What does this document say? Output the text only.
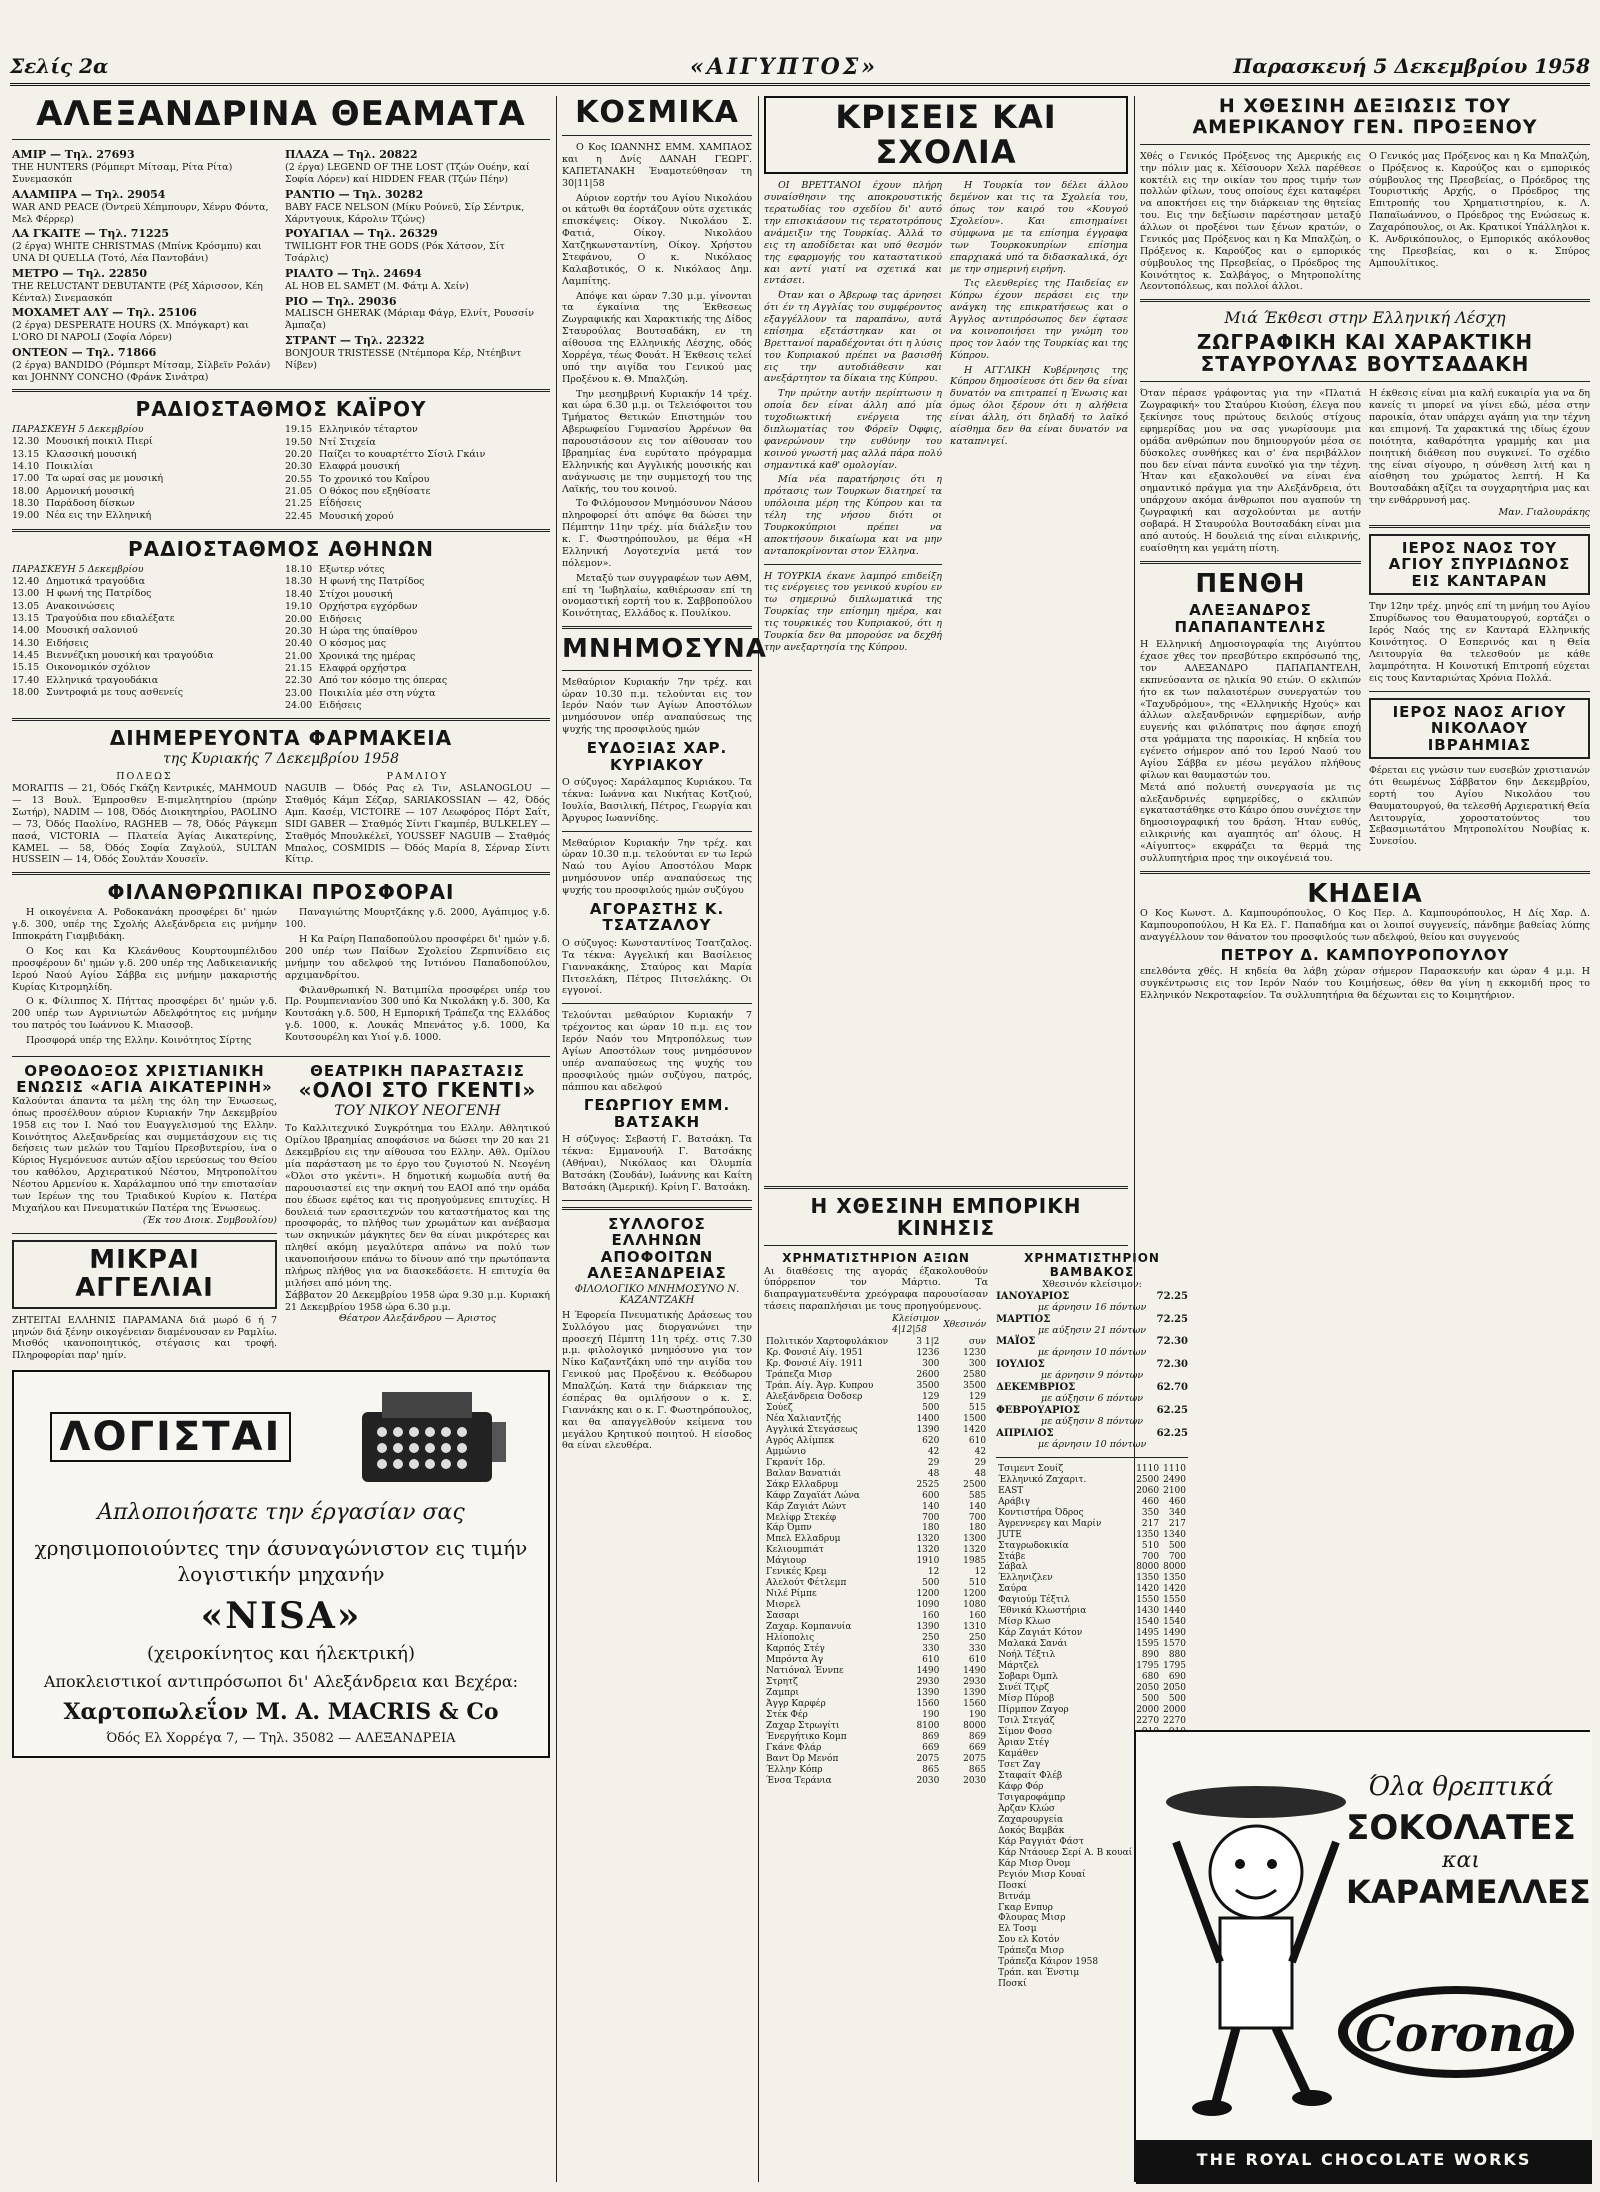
Σελίς 2α	«ΑΙΓΥΠΤΟΣ»	Παρασκευή 5 Δεκεμβρίου 1958
ΑΛΕΞΑΝΔΡΙΝΑ ΘΕΑΜΑΤΑ
ΑΜΙΡ — Τηλ. 27693
THE HUNTERS (Ρόμπερτ Μίτσαμ, Ρίτα Ρίτα) Συνεμασκόπ
ΑΛΑΜΠΡΑ — Τηλ. 29054
WAR AND PEACE (Όντρεϋ Χέπμπουρν, Χένρυ Φόντα, Μελ Φέρρερ)
ΛΑ ΓΚΑΙΤΕ — Τηλ. 71225
(2 έργα) WHITE CHRISTMAS (Μπίνκ Κρόσμπυ) και UNA DI QUELLA (Τοτό, Λέα Παντοβάνι)
ΜΕΤΡΟ — Τηλ. 22850
THE RELUCTANT DEBUTANTE (Ρέξ Χάρισσον, Κέη Κένταλ) Σινεμασκόπ
ΜΟΧΑΜΕΤ ΑΛΥ — Τηλ. 25106
(2 έργα) DESPERATE HOURS (Χ. Μπόγκαρτ) και L'ORO DI NAPOLI (Σοφία Λόρεν)
ΟΝΤΕΟΝ — Τηλ. 71866
(2 έργα) BANDIDO (Ρόμπερτ Μίτσαμ, Σίλβεϊν Ρολάν) και JOHNNY CONCHO (Φράνκ Σινάτρα)
ΠΛΑΖΑ — Τηλ. 20822
(2 έργα) LEGEND OF THE LOST (Τζών Ουέην, καί Σοφία Λόρεν) καί HIDDEN FEAR (Τζών Πέην)
ΡΑΝΤΙΟ — Τηλ. 30282
BABY FACE NELSON (Μίκυ Ρούνεϋ, Σίρ Σέντρικ, Χάρντγουικ, Κάρολιν Τζώνς)
ΡΟΥΑΓΙΑΛ — Τηλ. 26329
TWILIGHT FOR THE GODS (Ρόκ Χάτσον, Σίτ Τσάρλις)
ΡΙΑΛΤΟ — Τηλ. 24694
AL HOB EL SAMET (Μ. Φάτμ Α. Χείν)
ΡΙΟ — Τηλ. 29036
MALISCH GHERAK (Μάριαμ Φάγρ, Ελνίτ, Ρουσσίν Άμπαζα)
ΣΤΡΑΝΤ — Τηλ. 22322
BONJOUR TRISTESSE (Ντέμπορα Κέρ, Ντέηβιντ Νίβεν)
ΡΑΔΙΟΣΤΑΘΜΟΣ ΚΑΪΡΟΥ
ΠΑΡΑΣΚΕΥΗ 5 Δεκεμβρίου
12.30 Μουσική ποικιλ Πιερί
13.15 Κλασσική μουσική
14.10 Ποικιλίαι
17.00 Τα ωραί σας με μουσική
18.00 Αρμονική μουσική
18.30 Παράδοση δίσκων
19.00 Νέα εις την Ελληνική
19.15 Ελληνικόν τέταρτον
19.50 Ντί Στιχεία
20.20 Παίζει το κουαρτέττο Σίσιλ Γκάιν
20.30 Ελαφρά μουσική
20.55 Το χρονικό του Καΐρου
21.05 Ο θόκος που εξηθίσατε
21.25 Εΐδήσεις
22.45 Μουσική χορού
ΡΑΔΙΟΣΤΑΘΜΟΣ ΑΘΗΝΩΝ
ΠΑΡΑΣΚΕΥΗ 5 Δεκεμβρίου
12.40 Δημοτικά τραγούδια
13.00 Η φωνή της Πατρίδος
13.05 Ανακοινώσεις
13.15 Τραγούδια που εδιαλέξατε
14.00 Μουσική σαλονιού
14.30 Ειδήσεις
14.45 Βιεννέζικη μουσική και τραγούδια
15.15 Οικονομικόν σχόλιον
17.40 Ελληνικά τραγουδάκια
18.00 Συντροφιά με τους ασθενείς
18.10 Εξωτερ νότες
18.30 Η φωνή της Πατρίδος
18.40 Στίχοι μουσική
19.10 Ορχήστρα εγχόρδων
20.00 Ειδήσεις
20.30 Η ώρα της ύπαίθρου
20.40 Ο κόσμος μας
21.00 Χρονικά της ημέρας
21.15 Ελαφρά ορχήστρα
22.30 Από τον κόσμο της όπερας
23.00 Ποικιλία μέσ στη νύχτα
24.00 Ειδήσεις
ΔΙΗΜΕΡΕΥΟΝΤΑ ΦΑΡΜΑΚΕΙΑ
της Κυριακής 7 Δεκεμβρίου 1958
ΠΟΛΕΩΣ
MORAITIS — 21, Όδός Γκάζη Κεντρικές, MAHMOUD — 13 Βουλ. Έμπροσθεν Ε-πιμελητηρίου (πρώην Σωτήρ), NADIM — 108, Όδός Διοικητηρίου, PAOLINO — 73, Όδός Παολίνο, RAGHEB — 78, Όδός Ράγκεμπ πασά, VICTORIA — Πλατεία Άγίας Αικατερίνης, KAMEL — 58, Όδός Σοφία Ζαγλούλ, SULTAN HUSSEIN — 14, Όδός Σουλτάν Χουσεΐν.
ΡΑΜΛΙΟΥ
NAGUIB — Όδός Ρας ελ Τιν, ASLANOGLOU — Σταθμός Κάμπ Σέζαρ, SARIAKOSSIAN — 42, Όδός Αμπ. Κασέμ, VICTOIRE — 107 Λεωφόρος Πόρτ Σαΐτ, SIDI GABER — Σταθμός Σίντι Γκαμπέρ, BULKELEY — Σταθμός Μπουλκέλεϊ, YOUSSEF NAGUIB — Σταθμός Μπαλος, COSMIDIS — Όδός Μαρία 8, Σέρναρ Σίντι Κίτιρ.
ΦΙΛΑΝΘΡΩΠΙΚΑΙ ΠΡΟΣΦΟΡΑΙ

Η οικογένεια Α. Ροδοκανάκη προσφέρει δι' ημών γ.δ. 300, υπέρ της Σχολής Αλεξάνδρεια εις μνήμην Ιπποκράτη Γιαμβιδάκη.

Ο Κος και Κα Κλεάνθους Κουρτουμπέλιδου προσφέρουν δι' ημών γ.δ. 200 υπέρ της Λαδικειανικής Ιερού Ναού Αγίου Σάββα εις μνήμην μακαριστής Κυρίας Κιτρομηλίδη.

Ο κ. Φίλιππος Χ. Πήττας προσφέρει δι' ημών γ.δ. 200 υπέρ των Αγρινιωτών Αδελφότητος εις μνήμην του πατρός του Ιωάννου Κ. Μιασσοβ.

Προσφορά υπέρ της Ελλην. Κοινότητος Σίρτης

Παναγιώτης Μουρτζάκης γ.δ. 2000, Αγάπιμος γ.δ. 100.

Η Κα Ραίρη Παπαδοπούλου προσφέρει δι' ημών γ.δ. 200 υπέρ των Παίδων Σχολείου Ζερπινίδειο εις μνήμην του αδελφού της Ιντιόνου Παπαδοπούλου, αρχιμανδρίτου.

Φιλανθρωπική Ν. Βατιμπίλα προσφέρει υπέρ του Πρ. Ρουμπενιανίου 300 υπό Κα Νικολάκη γ.δ. 300, Κα Κουτσάκη γ.δ. 500, Η Εμπορική Τράπεζα της Ελλάδος γ.δ. 1000, κ. Λουκάς Μπενάτος γ.δ. 1000, Κα Κουτσουρέλη και Υιοί γ.δ. 1000.

ΟΡΘΟΔΟΞΟΣ ΧΡΙΣΤΙΑΝΙΚΗ ΕΝΩΣΙΣ «ΑΓΙΑ ΑΙΚΑΤΕΡΙΝΗ»
Καλούνται άπαντα τα μέλη της όλη την Ένωσεως, όπως προσέλθουν αύριον Κυριακήν 7ην Δεκεμβρίου 1958 εις τον Ι. Ναό του Ευαγγελισμού της Ελλην. Κοινότητος Αλεξανδρείας και συμμετάσχουν εις τις δεήσεις των μελών του Ταμίου Πρεσβυτερίου, ίνα ο Κύριος Ηγεμόνευσε αυτών αξίου ιερεύσεως του Θείου του καθόλου, Αρχιερατικού Νέστου, Μητροπολίτου Νέστου Αρμενίου κ. Χαράλαμπου υπό την επιστασίαν των Ιερέων της του Τριαδικού Κυρίου κ. Πατέρα Μιχαήλου και Πνευματικών Πατέρα της Ένωσεως.
(Έκ του Διοικ. Συμβουλίου)
ΜΙΚΡΑΙ ΑΓΓΕΛΙΑΙ
ΖΗΤΕΙΤΑΙ ΕΛΛΗΝΙΣ ΠΑΡΑΜΑΝΑ διά μωρό 6 ή 7 μηνών διά ξένην οικογένειαν διαμένουσαν εν Ραμλίω. Μισθός ικανοποιητικός, στέγασις και τροφή. Πληροφορίαι παρ' ημίν.
ΘΕΑΤΡΙΚΗ ΠΑΡΑΣΤΑΣΙΣ
«ΟΛΟΙ ΣΤΟ ΓΚΕΝΤΙ»
ΤΟΥ ΝΙΚΟΥ ΝΕΟΓΕΝΗ
Το Καλλιτεχνικό Συγκρότημα του Ελλην. Αθλητικού Ομίλου Ιβραημίας αποφάσισε να δώσει την 20 και 21 Δεκεμβρίου εις την αίθουσα του Ελλην. Αθλ. Ομίλου μία παράσταση με το έργο του ζυγιστού Ν. Νεογένη «Όλοι στο γκέντι». Η δημοτική κωμωδία αυτή θα παρουσιαστεί εις την σκηνή του ΕΑΟΙ από την ομάδα που έδωσε εφέτος και τις προηγούμενες επιτυχίες. Η δουλειά των ερασιτεχνών του καταστήματος και της προσφοράς, το πλήθος των χρωμάτων και ανέβασμα των σκηνικών μάγκητες δεν θα είναι μικρότερες και πληθεί ακόμη μεγαλύτερα απάνω να πολύ των ικανοποιήσουν επάνω το δίνουν από την πρωτόπαντα πλήρως πλήθος για να διασκεδάσετε. Η επιτυχία θα μιλήσει από μόνη της.
Σάββατον 20 Δεκεμβρίου 1958 ώρα 9.30 μ.μ. Κυριακή 21 Δεκεμβρίου 1958 ώρα 6.30 μ.μ.
Θέατρον Αλεξάνδρου — Άριστος
ΛΟΓΙΣΤΑΙ
Απλοποιήσατε την έργασίαν σας
χρησιμοποιούντες την άσυναγώνιστον εις τιμήν λογιστικήν μηχανήν
«NISA»
(χειροκίνητος και ήλεκτρική)
Αποκλειστικοί αντιπρόσωποι δι' Αλεξάνδρεια και Βεχέρα:
Χαρτοπωλεΐον Μ. Α. MACRIS & Co
Όδός Ελ Χορρέγα 7, — Τηλ. 35082 — ΑΛΕΞΑΝΔΡΕΙΑ
ΚΟΣΜΙΚΑ

Ο Κος ΙΩΑΝΝΗΣ ΕΜΜ. ΧΑΜΠΑΟΣ και η Δνίς ΔΑΝΑΗ ΓΕΩΡΓ. ΚΑΠΕΤΑΝΑΚΗ Έναμοτεύθησαν τη 30|11|58

Αύριον εορτήν του Αγίου Νικολάου οι κάτωθι θα έορτάζουν ούτε σχετικάς επισκέψεις: Οίκογ. Νικολάου Σ. Φατιά, Οίκογ. Νικολάου Χατζηκωνσταντίνη, Οίκογ. Χρήστου Στεφάνου, Ο κ. Νικόλαος Καλαβοτικός, Ο κ. Νικόλαος Δημ. Λαμπίτης.

Απόψε και ώραν 7.30 μ.μ. γίνονται τα έγκαίνια της Έκθεσεως Ζωγραφικής και Χαρακτικής της Δίδος Σταυρούλας Βουτσαδάκη, εν τη αίθουσα της Ελληνικής Λέσχης, οδός Χορρέγα, τέως Φουάτ. Η Έκθεσις τελεί υπό την αιγίδα του Γενικού μας Προξένου κ. Θ. Μπαλζώη.

Την μεσημβρινή Κυριακήν 14 τρέχ. και ώρα 6.30 μ.μ. οι Τελειόφοιτοι του Τμήματος Θετικών Επιστημών του Αβερωφείου Γυμνασίου Άρρένων θα παρουσιάσουν εις τον αίθουσαν του Ιβραημίας ένα ευρύτατο πρόγραμμα Ελληνικής και Αγγλικής μουσικής και ανάγνωσις με την συμμετοχή του της Λαϊκής, του του κοινού.

Το Φιλόμουσον Μνημόσυνον Νάσου πληροφορεί ότι απόψε θα δώσει την Πέμπτην 11ην τρέχ. μία διάλεξιν του κ. Γ. Φωστηρόπουλου, με θέμα «Η Ελληνική Λογοτεχνία μετά τον πόλεμον».

Μεταξύ των συγγραφέων των ΑΘΜ, επί τη 'Ιωβηλαίω, καθιέρωσαν επί τη ονομαστική εορτή του κ. Σαββοπούλου Κοινότητας, Ελλάδος κ. Πουλίκου.

ΜΝΗΜΟΣΥΝΑ
Μεθαύριον Κυριακήν 7ην τρέχ. και ώραν 10.30 π.μ. τελούνται εις τον Ιερόν Ναόν των Αγίων Αποστόλων μνημόσυνον υπέρ αναπαύσεως της ψυχής της προσφιλούς ημών
ΕΥΔΟΞΙΑΣ ΧΑΡ. ΚΥΡΙΑΚΟΥ
Ο σύζυγος: Χαράλαμπος Κυριάκου. Τα τέκνα: Ιωάννα και Νικήτας Κοτζιού, Ιουλία, Βασιλική, Πέτρος, Γεωργία και Άργυρος Ιωαννίδης.
Μεθαύριον Κυριακήν 7ην τρέχ. και ώραν 10.30 π.μ. τελούνται εν τω Ιερώ Ναώ του Αγίου Αποστόλου Μαρκ μνημόσυνον υπέρ αναπαύσεως της ψυχής του προσφιλούς ημών συζύγου
ΑΓΟΡΑΣΤΗΣ Κ. ΤΣΑΤΖΑΛΟΥ
Ο σύζυγος: Κωνσταντίνος Τσατζαλος. Τα τέκνα: Αγγελική και Βασίλειος Γιαννακάκης, Σταύρος και Μαρία Πιτσελάκη, Πέτρος Πιτσελάκης. Οι εγγονοί.
Τελούνται μεθαύριον Κυριακήν 7 τρέχοντος και ώραν 10 π.μ. εις τον Ιερόν Ναόν του Μητροπόλεως των Αγίων Αποστόλων τους μνημόσυνον υπέρ αναπαύσεως της ψυχής του προσφιλούς ημών συζύγου, πατρός, πάππου και αδελφού
ΓΕΩΡΓΙΟΥ ΕΜΜ. ΒΑΤΣΑΚΗ
Η σύζυγος: Σεβαστή Γ. Βατσάκη. Τα τέκνα: Εμμανουήλ Γ. Βατσάκης (Αθήναι), Νικόλαος και Όλυμπία Βατσάκη (Σουδάν), Ιωάννης και Καίτη Βατσάκη (Άμερική). Κρίνη Γ. Βατσάκη.
ΣΥΛΛΟΓΟΣ ΕΛΛΗΝΩΝ ΑΠΟΦΟΙΤΩΝ ΑΛΕΞΑΝΔΡΕΙΑΣ
ΦΙΛΟΛΟΓΙΚΟ ΜΝΗΜΟΣΥΝΟ Ν. ΚΑΖΑΝΤΖΑΚΗ
Η Έφορεία Πνευματικής Δράσεως του Συλλόγου μας διοργανώνει την προσεχή Πέμπτη 11η τρέχ. στις 7.30 μ.μ. φιλολογικό μνημόσυνο για τον Νίκο Καζαντζάκη υπό την αιγίδα του Γενικού μας Προξένου κ. Θεόδωρου Μπαλζώη. Κατά την διάρκειαν της έσπέρας θα ομιλήσουν ο κ. Σ. Γιαννάκης και ο κ. Γ. Φωστηρόπουλος, και θα απαγγελθούν κείμενα του μεγάλου Κρητικού ποιητού. Η είσοδος θα είναι ελευθέρα.
ΚΡΙΣΕΙΣ ΚΑΙ ΣΧΟΛΙΑ

ΟΙ ΒΡΕΤΤΑΝΟΙ έχουν πλήρη συναίσθησιν της αποκρουστικής τερατωδίας του σχεδίου δι' αυτό την επισκιάσουν τις τερατοτρόπους ανάμειξιν της Τουρκίας. Άλλά το εις τη αποδίδεται και υπό θεσμόν της εφαρμογής του καταστατικού και αντί γιατί να σχετικά και εντάσει.

Όταν και ο Άβερωφ τας άρνησει ότι έν τη Αγγλίας του συμφέροντος εξαγγέλλουν τα παραπάνω, αυτά επίσημα εξετάστηκαν και οι Βρεττανοί παραδέχονται ότι η λύσις του Κυπριακού πρέπει να βασισθή εις την αυτοδιάθεσιν και ανεξάρτητον τα δίκαια της Κύπρου.

Την πρώτην αυτήν περίπτωσιν η οποία δεν είναι άλλη από μία τυχοδιωκτική ενέργεια της διπλωματίας του Φόρεϊν Όφφις, φανερώνουν την ευθύνην του κοινού γνωστή μας αλλά πάρα πολύ σημαντικά καθ' ομολογίαν.

Μία νέα παρατήρησις ότι η πρότασις των Τουρκων διατηρεί τα υπόλοιπα μέρη της Κύπρου και τα τέλη της νήσου διότι οι Τουρκοκύπριοι πρέπει να αποκτήσουν δικαίωμα και να μην ανταποκρίνονται στον Έλληνα.

Η ΤΟΥΡΚΙΑ έκανε λαμπρό επιδείξη τις ενέργειες του γενικού κυρίου εν τω σημερινώ διπλωματικά της Τουρκίας την επίσημη ημέρα, και τις τουρκικές του Κυπριακού, ότι η Τουρκία δεν θα μπορούσε να δεχθή την ανεξαρτησία της Κύπρου.

Η Τουρκία τον δέλει άλλου δεμένον και τις τα Σχολεία του, όπως τον καιρό του «Κουγού Σχολείου». Και επισημαίνει σύμφωνα με τα επίσημα έγγραφα των Τουρκοκυπρίων επίσημα επαρχιακά υπό τα διδασκαλικά, όχι με την σημερινή ειρήνη.

Τις ελευθερίες της Παιδείας εν Κύπρω έχουν περάσει εις την ανάγκη της επικρατήσεως και ο Άγγλος αντιπρόσωπος δεν έφτασε να κοινοποιήσει την γνώμη του προς τον λαόν της Τουρκίας και της Κύπρου.

Η ΑΓΓΛΙΚΗ Κυβέρνησις της Κύπρου δημοσίευσε ότι δεν θα είναι δυνατόν να επιτραπεί η Ένωσις και όμως όλοι ξέρουν ότι η αλήθεια είναι άλλη, ότι δηλαδή το λαϊκό αίσθημα δεν θα είναι δυνατόν να καταπνιγεί.

Η ΧΘΕΣΙΝΗ ΕΜΠΟΡΙΚΗ ΚΙΝΗΣΙΣ
ΧΡΗΜΑΤΙΣΤΗΡΙΟΝ ΑΞΙΩΝ
Αι διαθέσεις της αγοράς έξακολουθούν ύπόρρεπον τον Μάρτιο. Τα διαπραγματευθέντα χρεόγραφα παρουσίασαν τάσεις παραπλήσιαι με τους προηγούμενους.
	Κλείσιμον 4|12|58	Χθεσινόν
Πολιτικόν Χαρτοφυλάκιον	3 1|2	συν
Κρ. Φονσιέ Αίγ. 1951	1236	1230
Κρ. Φονσιέ Αίγ. 1911	300	300
Τράπεζα Μισρ	2600	2580
Τράπ. Αίγ. Άγρ. Κυπρου	3500	3500
Αλεξάνδρεια Όσδσερ	129	129
Σούεζ	500	515
Νέα Χαλιαντζής	1400	1500
Αγγλικά Στεγάσεως	1390	1420
Αγρός Αλίμπεκ	620	610
Αμμώνιο	42	42
Γκρανίτ 1δρ.	29	29
Βαλαν Βανατιάι	48	48
Σάκρ Ελλαδρυμ	2525	2500
Κάφρ Ζαγαϊάτ Λώνα	600	585
Κάρ Ζαγιάτ Λώντ	140	140
Μελίφρ Στεκέφ	700	700
Κάρ Όμπν	180	180
Μπελ Ελλαδρυμ	1320	1300
Κελιουμπιάτ	1320	1320
Μάγιουρ	1910	1985
Γενικές Κρεμ	12	12
Αλελούτ Φέτλεμπ	500	510
Νιλέ Ρίμπε	1200	1200
Μισρελ	1090	1080
Σασαρι	160	160
Ζαχαρ. Κομπανυία	1390	1310
Ηλίοπολις	250	250
Καρπός Στέγ	330	330
Μπρόντα Άγ	610	610
Νατιόναλ Έννπε	1490	1490
Στρητζ	2930	2930
Ζαμπρι	1390	1390
Άγγρ Καρφέρ	1560	1560
Στέκ Φέρ	190	190
Ζαχαρ Στρωγίτι	8100	8000
Ένεργήτικο Κομπ	869	869
Γκάνε Φλάρ	669	669
Βαντ Όρ Μενόπ	2075	2075
Έλλην Κόπρ	865	865
Ένσα Τεράνια	2030	2030
ΧΡΗΜΑΤΙΣΤΗΡΙΟΝ ΒΑΜΒΑΚΟΣ
Χθεσινόν κλείσιμον:
ΙΑΝΟΥΑΡΙΟΣ	72.25
με άρνησιν 16 πόντων
ΜΑΡΤΙΟΣ	72.25
με αύξησιν 21 πόντων
ΜΑΪΟΣ	72.30
με άρνησιν 10 πόντων
ΙΟΥΛΙΟΣ	72.30
με άρνησιν 9 πόντων
ΔΕΚΕΜΒΡΙΟΣ	62.70
με αύξησιν 6 πόντων
ΦΕΒΡΟΥΑΡΙΟΣ	62.25
με αύξησιν 8 πόντων
ΑΠΡΙΛΙΟΣ	62.25
με άρνησιν 10 πόντων
Τσιμεντ Σουίζ	1110	1110
Έλληνικό Ζαχαριτ.	2500	2490
EAST	2060	2100
Αράβιγ	460	460
Κοντιστήρα Όδρος	350	340
Άγρεννερεγ και Μαρίν	217	217
JUTE	1350	1340
Σταγρωδοκικία	510	500
Στάβε	700	700
Σάβαλ	8000	8000
Έλληνιζλεν	1350	1350
Σαύρα	1420	1420
Φαγιούμ Τέξτιλ	1550	1550
Έθνικά Κλωστήρια	1430	1440
Μίσρ Κλωσ	1540	1540
Κάρ Ζαγιάτ Κότον	1495	1490
Μαλακά Σανάι	1595	1570
Νοήλ Τέξτιλ	890	880
Μάρτζελ	1795	1795
Σοβαρι Όμπλ	680	690
Σινέϊ Τζιρζ	2050	2050
Μίσρ Πύροβ	500	500
Πίρμπον Ζαγορ	2000	2000
Τσιλ Στεγάζ	2270	2270
Σίμον Φοσο		
Άριαν Στέγ		
Καμάθεν		
Τσετ Ζαγ		
Σταφαίτ Φλέβ		
Κάφρ Φόρ		
Τσιγαροφάμπρ		
Άρζαν Κλώσ		
Ζαχαρουργεία		
Δοκός Βαμβάκ		
Κάρ Ραγγιάτ Φάστ		
Κάρ Ντάουερ Σερί Α. Β κουαί		
Κάρ Μισρ Όνομ		
Ρεγιόν Μισρ Κουαί		
Ποσκί		
Βιτνάμ		
Γκαρ Ενπυρ		
Φλουρας Μισρ		
Ελ Τοσμ		
Σου ελ Κοτόν		
Τράπεζα Μισρ		
Τράπεζα Κάιρον 1958		
Τράπ. και Ένστιμ		
Ποσκί		
Η ΧΘΕΣΙΝΗ ΔΕΞΙΩΣΙΣ ΤΟΥ ΑΜΕΡΙΚΑΝΟΥ ΓΕΝ. ΠΡΟΞΕΝΟΥ
Χθές ο Γενικός Πρόξενος της Αμερικής εις την πόλιν μας κ. Χέϊσουορν Χελλ παρέθεσε κοκτέιλ εις την οικίαν του προς τιμήν των πολλών φίλων, τους οποίους έχει καταφέρει να αποκτήσει εις την διάρκειαν της θητείας του. Εις την δεξίωσιν παρέστησαν μεταξύ άλλων οι προξένοι των ξένων κρατών, ο Γενικός μας Πρόξενος και η Κα Μπαλζώη, ο Πρόξενος κ. Καρούζος και ο εμπορικός σύμβουλος της Πρεσβείας, ο Πρόεδρος της Κοινότητος κ. Σαλβάγος, ο Μητροπολίτης Λεοντοπόλεως, και πολλοί άλλοι.
Ο Γενικός μας Πρόξενος και η Κα Μπαλζώη, ο Πρόξενος κ. Καρούζος και ο εμπορικός σύμβουλος της Πρεσβείας, ο Πρόεδρος της Τουριστικής Αρχής, ο Πρόεδρος της Επιτροπής του Χρηματιστηρίου, κ. Λ. Παπαϊωάννου, ο Πρόεδρος της Ενώσεως κ. Ζαχαρόπουλος, οι Ακ. Κρατικοί Υπάλληλοι κ. Κ. Ανδρικόπουλος, ο Εμπορικός ακόλουθος της Πρεσβείας, και ο κ. Σπύρος Αμπουλίτικος.
Μιά Έκθεσι στην Ελληνική Λέσχη
ΖΩΓΡΑΦΙΚΗ ΚΑΙ ΧΑΡΑΚΤΙΚΗ ΣΤΑΥΡΟΥΛΑΣ ΒΟΥΤΣΑΔΑΚΗ
Όταν πέρασε γράφοντας για την «Πλατιά Ζωγραφική» του Σταύρου Κιούση, έλεγα που ξεκίνησε τους πρώτους δειλούς στίχους εφημερίδας μου να σας γνωρίσουμε μια ομάδα ανθρώπων που δημιουργούν μέσα σε δύσκολες συνθήκες και σ' ένα περιβάλλον που δεν είναι πάντα ευνοϊκό για την τέχνη. Ήταν και εξακολουθεί να είναι ένα σημαντικό πράγμα για την Αλεξάνδρεια, ότι υπάρχουν ακόμα άνθρωποι που αγαπούν τη ζωγραφική και ασχολούνται με αυτήν σοβαρά. Η Σταυρούλα Βουτσαδάκη είναι μια από αυτούς. Η δουλειά της είναι ειλικρινής, ευαίσθητη και γεμάτη πίστη.
ΠΕΝΘΗ
ΑΛΕΞΑΝΔΡΟΣ ΠΑΠΑΠΑΝΤΕΛΗΣ
Η Ελληνική Δημοσιογραφία της Αιγύπτου έχασε χθες τον πρεσβύτερο εκπρόσωπό της, τον ΑΛΕΞΑΝΔΡΟ ΠΑΠΑΠΑΝΤΕΛΗ, εκπνεύσαντα σε ηλικία 90 ετών. Ο εκλιπών ήτο εκ των παλαιοτέρων συνεργατών του «Ταχυδρόμου», της «Ελληνικής Ηχούς» και άλλων αλεξανδρινών εφημερίδων, ανήρ ευγενής και φιλόπατρις που άφησε εποχή στα γράμματα της παροικίας. Η κηδεία του εγένετο σήμερον από του Ιερού Ναού του Αγίου Σάββα εν μέσω μεγάλου πλήθους φίλων και θαυμαστών του.
Μετά από πολυετή συνεργασία με τις αλεξανδρινές εφημερίδες, ο εκλιπών εγκαταστάθηκε στο Κάιρο όπου συνέχισε την δημοσιογραφική του δράση. Ήταν ευθύς, ειλικρινής και αγαπητός απ' όλους. Η «Αίγυπτος» εκφράζει τα θερμά της συλλυπητήρια προς την οικογένειά του.
Η έκθεσις είναι μια καλή ευκαιρία για να δη κανείς τι μπορεί να γίνει εδώ, μέσα στην παροικία, όταν υπάρχει αγάπη για την τέχνη και επιμονή. Τα χαρακτικά της ιδίως έχουν ποιότητα, καθαρότητα γραμμής και μια ποιητική διάθεση που συγκινεί. Το σχέδιο της είναι σίγουρο, η σύνθεση λιτή και η αίσθηση του χρώματος λεπτή. Η Κα Βουτσαδάκη αξίζει τα συγχαρητήρια μας και την ενθάρρυνσή μας.
Μαν. Γιαλουράκης
ΙΕΡΟΣ ΝΑΟΣ ΤΟΥ ΑΓΙΟΥ ΣΠΥΡΙΔΩΝΟΣ ΕΙΣ ΚΑΝΤΑΡΑΝ
Την 12ην τρέχ. μηνός επί τη μνήμη του Αγίου Σπυρίδωνος του Θαυματουργού, εορτάζει ο Ιερός Ναός της εν Κανταρά Ελληνικής Κοινότητος. Ο Εσπερινός και η Θεία Λειτουργία θα τελεσθούν με κάθε λαμπρότητα. Η Κοινοτική Επιτροπή εύχεται εις τους Κανταριώτας Χρόνια Πολλά.
ΙΕΡΟΣ ΝΑΟΣ ΑΓΙΟΥ ΝΙΚΟΛΑΟΥ ΙΒΡΑΗΜΙΑΣ
Φέρεται εις γνώσιν των ευσεβών χριστιανών ότι θεωμένως Σάββατον 6ην Δεκεμβρίου, εορτή του Αγίου Νικολάου του Θαυματουργού, θα τελεσθή Αρχιερατική Θεία Λειτουργία, χοροστατούντος του Σεβασμιωτάτου Μητροπολίτου Νουβίας κ. Συνεσίου.
ΚΗΔΕΙΑ
Ο Κος Κωνστ. Δ. Καμπουρόπουλος, Ο Κος Περ. Δ. Καμπουρόπουλος, Η Δίς Χαρ. Δ. Καμπουροπούλου, Η Κα Ελ. Γ. Παπαδήμα και οι λοιποί συγγενείς, πάνδημε βαθείας λύπης αναγγέλλουν τον θάνατον του προσφιλούς των αδελφού, θείου και συγγενούς
ΠΕΤΡΟΥ Δ. ΚΑΜΠΟΥΡΟΠΟΥΛΟΥ
επελθόντα χθές. Η κηδεία θα λάβη χώραν σήμερον Παρασκευήν και ώραν 4 μ.μ. Η συγκέντρωσις εις τον Ιερόν Ναόν του Κοιμήσεως, όθεν θα γίνη η εκκομιδή προς το Ελληνικόν Νεκροταφείον. Τα συλλυπητήρια θα δέχωνται εις το Κοιμητήριον.
Όλα θρεπτικά
ΣΟΚΟΛΑΤΕΣ
και
ΚΑΡΑΜΕΛΛΕΣ
Corona
THE ROYAL CHOCOLATE WORKS
